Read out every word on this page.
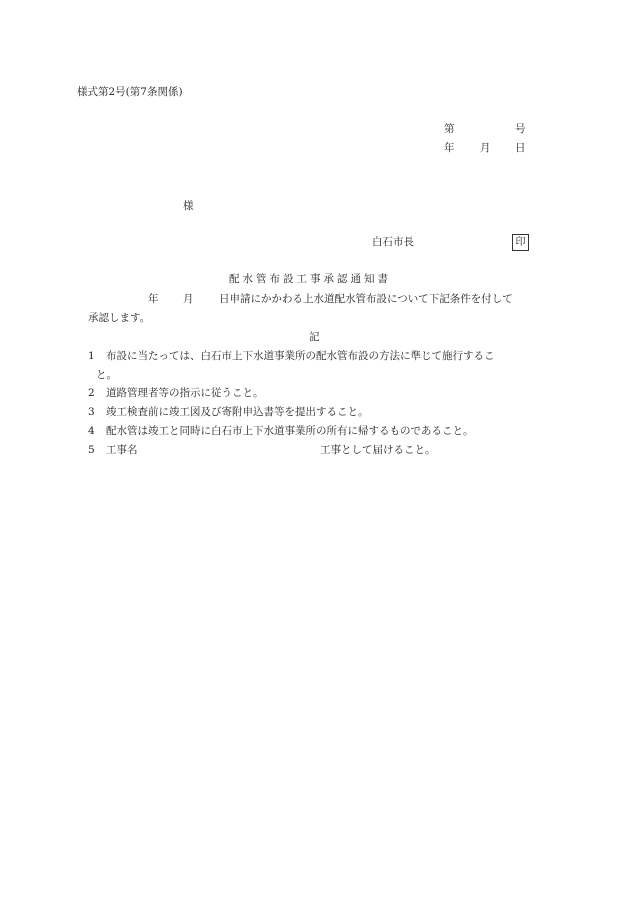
様式第2号(第7条関係)
第	号
年 月 日
様
白石市長	印
配水管布設工事承認通知書
年 月 日申請にかかわる上水道配水管布設について下記条件を付して
承認します。
記
1 布設に当たっては、白石市上下水道事業所の配水管布設の方法に準じて施行するこ
と。
2 道路管理者等の指示に従うこと。
3 竣工検査前に竣工図及び寄附申込書等を提出すること。
4 配水管は竣工と同時に白石市上下水道事業所の所有に帰するものであること。
5 工事名	工事として届けること。
